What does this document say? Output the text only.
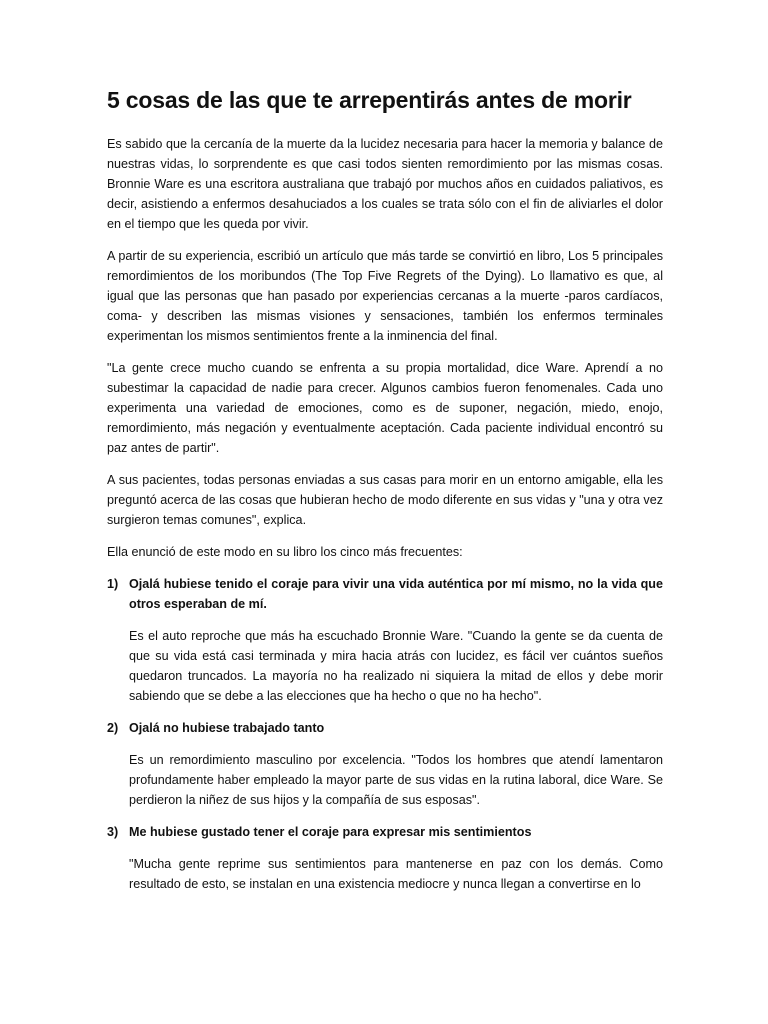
5 cosas de las que te arrepentirás antes de morir

Es sabido que la cercanía de la muerte da la lucidez necesaria para hacer la memoria y balance de nuestras vidas, lo sorprendente es que casi todos sienten remordimiento por las mismas cosas. Bronnie Ware es una escritora australiana que trabajó por muchos años en cuidados paliativos, es decir, asistiendo a enfermos desahuciados a los cuales se trata sólo con el fin de aliviarles el dolor en el tiempo que les queda por vivir.

A partir de su experiencia, escribió un artículo que más tarde se convirtió en libro, Los 5 principales remordimientos de los moribundos (The Top Five Regrets of the Dying). Lo llamativo es que, al igual que las personas que han pasado por experiencias cercanas a la muerte -paros cardíacos, coma- y describen las mismas visiones y sensaciones, también los enfermos terminales experimentan los mismos sentimientos frente a la inminencia del final.

"La gente crece mucho cuando se enfrenta a su propia mortalidad, dice Ware. Aprendí a no subestimar la capacidad de nadie para crecer. Algunos cambios fueron fenomenales. Cada uno experimenta una variedad de emociones, como es de suponer, negación, miedo, enojo, remordimiento, más negación y eventualmente aceptación. Cada paciente individual encontró su paz antes de partir".

A sus pacientes, todas personas enviadas a sus casas para morir en un entorno amigable, ella les preguntó acerca de las cosas que hubieran hecho de modo diferente en sus vidas y "una y otra vez surgieron temas comunes", explica.

Ella enunció de este modo en su libro los cinco más frecuentes:

1) Ojalá hubiese tenido el coraje para vivir una vida auténtica por mí mismo, no la vida que otros esperaban de mí.

Es el auto reproche que más ha escuchado Bronnie Ware. "Cuando la gente se da cuenta de que su vida está casi terminada y mira hacia atrás con lucidez, es fácil ver cuántos sueños quedaron truncados. La mayoría no ha realizado ni siquiera la mitad de ellos y debe morir sabiendo que se debe a las elecciones que ha hecho o que no ha hecho".

2) Ojalá no hubiese trabajado tanto

Es un remordimiento masculino por excelencia. "Todos los hombres que atendí lamentaron profundamente haber empleado la mayor parte de sus vidas en la rutina laboral, dice Ware. Se perdieron la niñez de sus hijos y la compañía de sus esposas".

3) Me hubiese gustado tener el coraje para expresar mis sentimientos

"Mucha gente reprime sus sentimientos para mantenerse en paz con los demás. Como resultado de esto, se instalan en una existencia mediocre y nunca llegan a convertirse en lo
